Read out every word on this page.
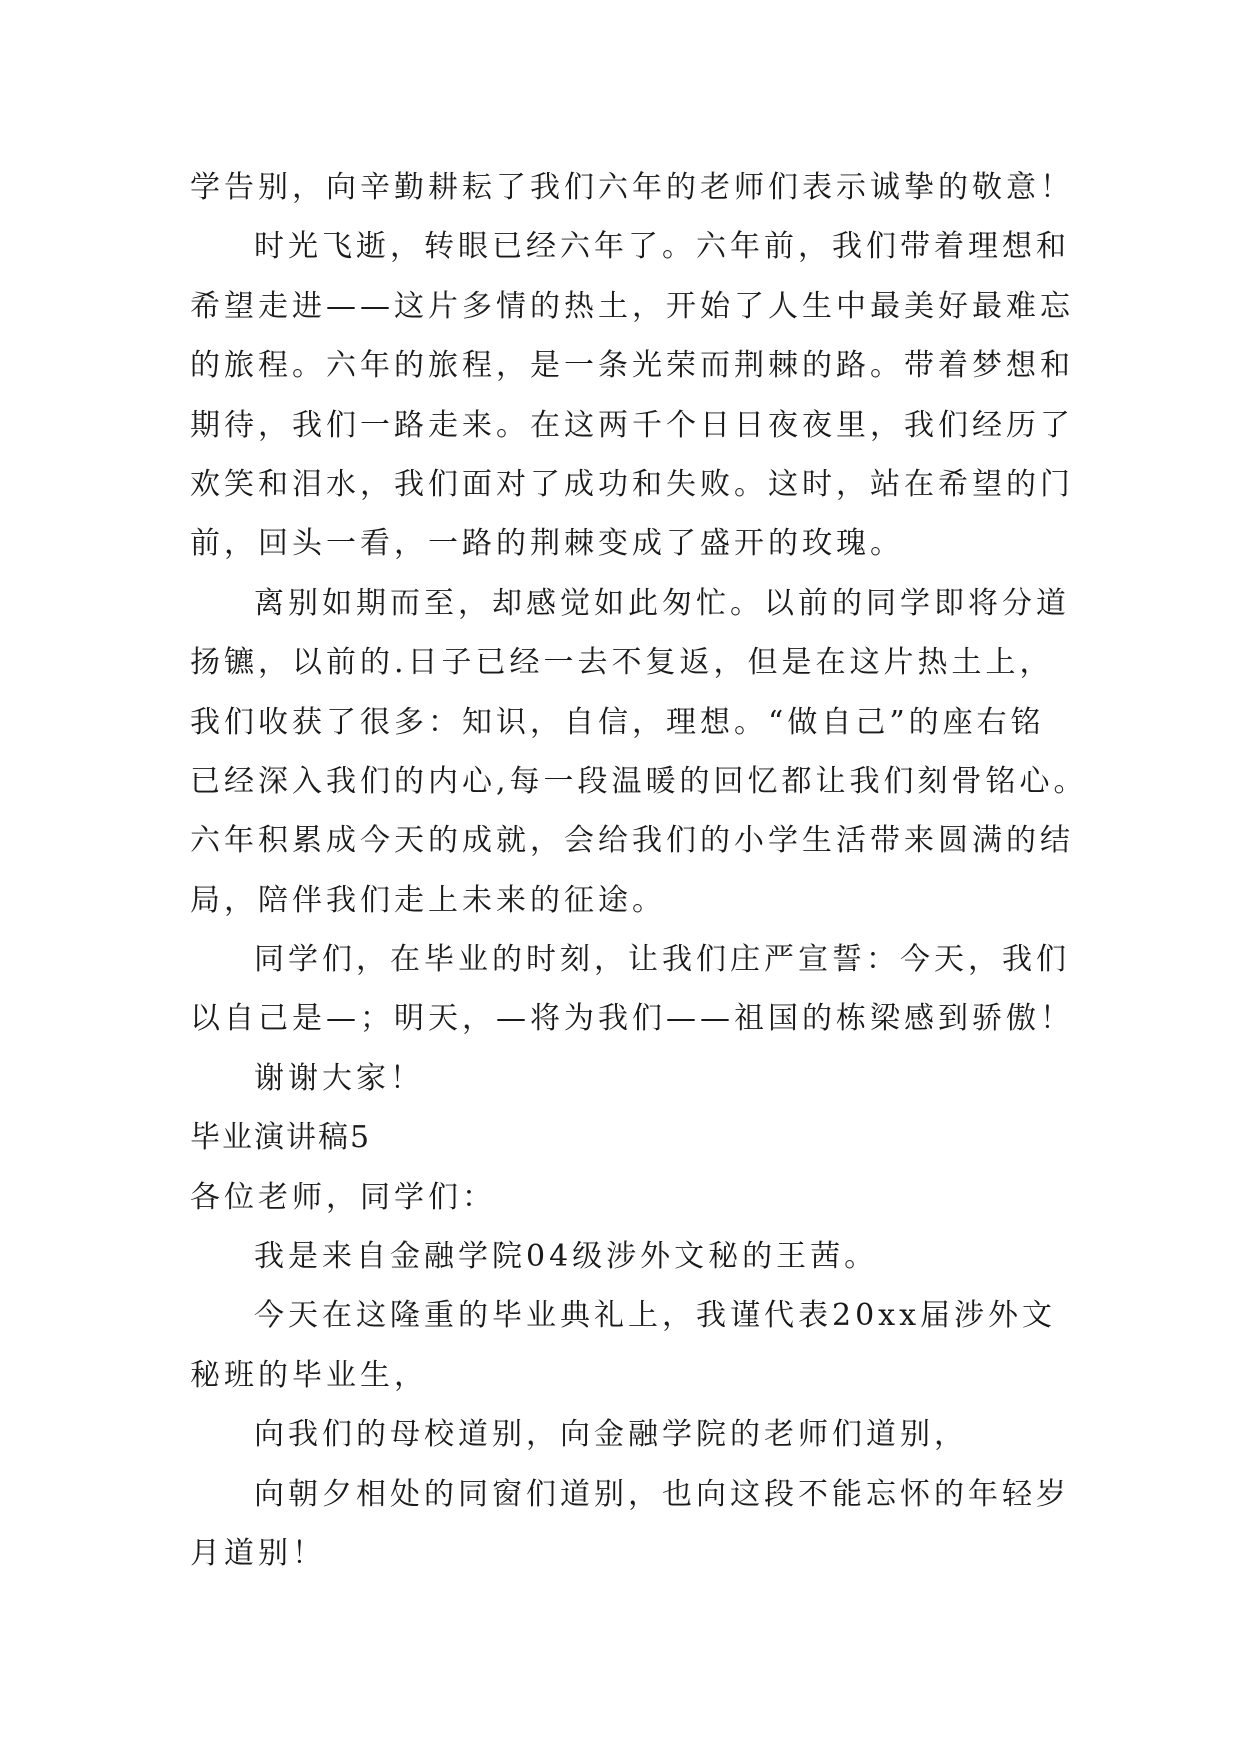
学告别，向辛勤耕耘了我们六年的老师们表示诚挚的敬意！
时光飞逝，转眼已经六年了。六年前，我们带着理想和
希望走进——这片多情的热土，开始了人生中最美好最难忘
的旅程。六年的旅程，是一条光荣而荆棘的路。带着梦想和
期待，我们一路走来。在这两千个日日夜夜里，我们经历了
欢笑和泪水，我们面对了成功和失败。这时，站在希望的门
前，回头一看，一路的荆棘变成了盛开的玫瑰。
离别如期而至，却感觉如此匆忙。以前的同学即将分道
扬镳，以前的.日子已经一去不复返，但是在这片热土上，
我们收获了很多：知识，自信，理想。“做自己”的座右铭
已经深入我们的内心,每一段温暖的回忆都让我们刻骨铭心。
六年积累成今天的成就，会给我们的小学生活带来圆满的结
局，陪伴我们走上未来的征途。
同学们，在毕业的时刻，让我们庄严宣誓：今天，我们
以自己是—；明天，—将为我们——祖国的栋梁感到骄傲！
谢谢大家！
毕业演讲稿5
各位老师，同学们：
我是来自金融学院04级涉外文秘的王茜。
今天在这隆重的毕业典礼上，我谨代表20xx届涉外文
秘班的毕业生，
向我们的母校道别，向金融学院的老师们道别，
向朝夕相处的同窗们道别，也向这段不能忘怀的年轻岁
月道别！
